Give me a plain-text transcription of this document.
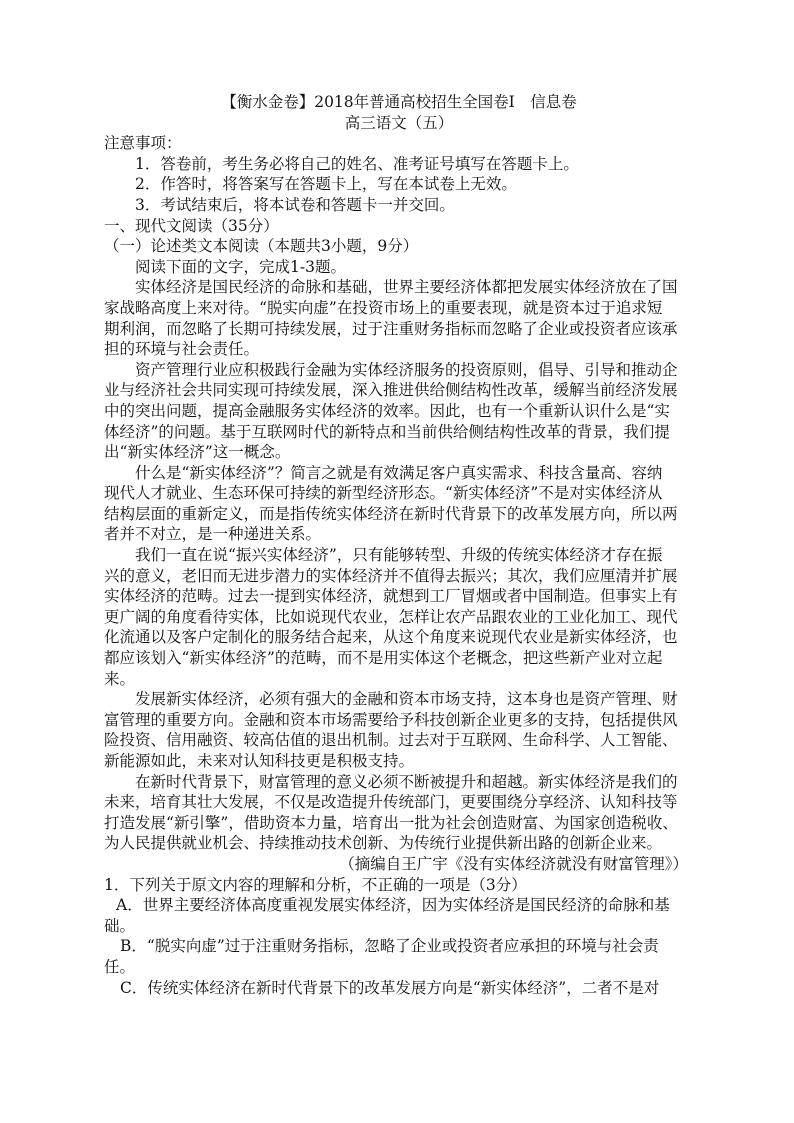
【衡水金卷】2018年普通高校招生全国卷Ⅰ　信息卷
高三语文（五）
注意事项：
1．答卷前，考生务必将自己的姓名、准考证号填写在答题卡上。
2．作答时，将答案写在答题卡上，写在本试卷上无效。
3．考试结束后，将本试卷和答题卡一并交回。
一、现代文阅读（35分）
（一）论述类文本阅读（本题共3小题，9分）
阅读下面的文字，完成1-3题。
实体经济是国民经济的命脉和基础，世界主要经济体都把发展实体经济放在了国
家战略高度上来对待。“脱实向虚”在投资市场上的重要表现，就是资本过于追求短
期利润，而忽略了长期可持续发展，过于注重财务指标而忽略了企业或投资者应该承
担的环境与社会责任。
资产管理行业应积极践行金融为实体经济服务的投资原则，倡导、引导和推动企
业与经济社会共同实现可持续发展，深入推进供给侧结构性改革，缓解当前经济发展
中的突出问题，提高金融服务实体经济的效率。因此，也有一个重新认识什么是“实
体经济”的问题。基于互联网时代的新特点和当前供给侧结构性改革的背景，我们提
出“新实体经济”这一概念。
什么是“新实体经济”？简言之就是有效满足客户真实需求、科技含量高、容纳
现代人才就业、生态环保可持续的新型经济形态。“新实体经济”不是对实体经济从
结构层面的重新定义，而是指传统实体经济在新时代背景下的改革发展方向，所以两
者并不对立，是一种递进关系。
我们一直在说“振兴实体经济”，只有能够转型、升级的传统实体经济才存在振
兴的意义，老旧而无进步潜力的实体经济并不值得去振兴；其次，我们应厘清并扩展
实体经济的范畴。过去一提到实体经济，就想到工厂冒烟或者中国制造。但事实上有
更广阔的角度看待实体，比如说现代农业，怎样让农产品跟农业的工业化加工、现代
化流通以及客户定制化的服务结合起来，从这个角度来说现代农业是新实体经济，也
都应该划入“新实体经济”的范畴，而不是用实体这个老概念，把这些新产业对立起
来。
发展新实体经济，必须有强大的金融和资本市场支持，这本身也是资产管理、财
富管理的重要方向。金融和资本市场需要给予科技创新企业更多的支持，包括提供风
险投资、信用融资、较高估值的退出机制。过去对于互联网、生命科学、人工智能、
新能源如此，未来对认知科技更是积极支持。
在新时代背景下，财富管理的意义必须不断被提升和超越。新实体经济是我们的
未来，培育其壮大发展，不仅是改造提升传统部门，更要围绕分享经济、认知科技等
打造发展“新引擎”，借助资本力量，培育出一批为社会创造财富、为国家创造税收、
为人民提供就业机会、持续推动技术创新、为传统行业提供新出路的创新企业来。
（摘编自王广宇《没有实体经济就没有财富管理》）
1．下列关于原文内容的理解和分析，不正确的一项是（3分）
A．世界主要经济体高度重视发展实体经济，因为实体经济是国民经济的命脉和基
础。
B．“脱实向虚”过于注重财务指标，忽略了企业或投资者应承担的环境与社会责
任。
C．传统实体经济在新时代背景下的改革发展方向是“新实体经济”，二者不是对
